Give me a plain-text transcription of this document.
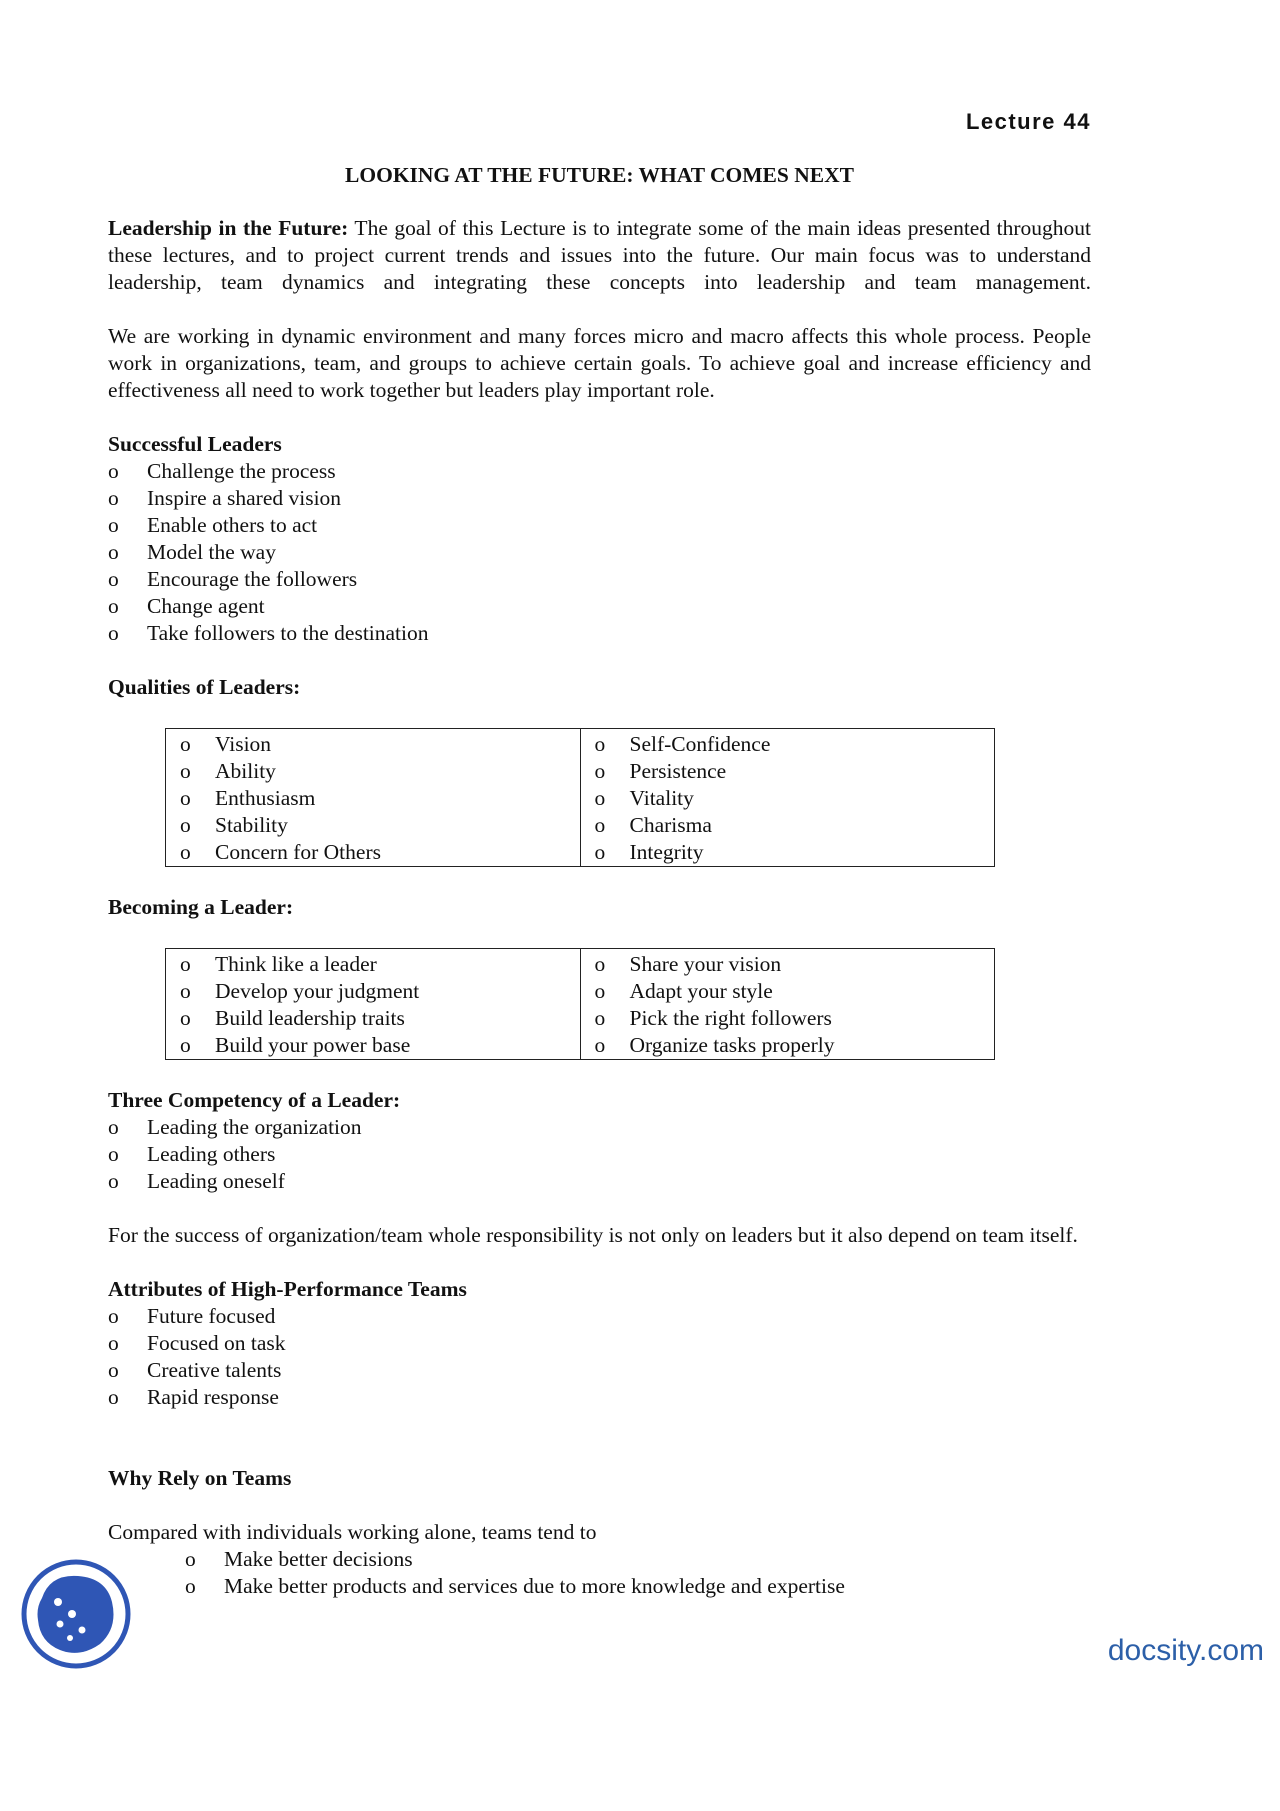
Lecture 44
LOOKING AT THE FUTURE: WHAT COMES NEXT

Leadership in the Future: The goal of this Lecture is to integrate some of the main ideas presented throughout these lectures, and to project current trends and issues into the future. Our main focus was to understand leadership, team dynamics and integrating these concepts into leadership and team management.

We are working in dynamic environment and many forces micro and macro affects this whole process. People work in organizations, team, and groups to achieve certain goals. To achieve goal and increase efficiency and effectiveness all need to work together but leaders play important role.

Successful Leaders
o	Challenge the process
o	Inspire a shared vision
o	Enable others to act
o	Model the way
o	Encourage the followers
o	Change agent
o	Take followers to the destination
Qualities of Leaders:
o	Vision
o	Ability
o	Enthusiasm
o	Stability
o	Concern for Others

o	Self-Confidence
o	Persistence
o	Vitality
o	Charisma
o	Integrity
Becoming a Leader:
o	Think like a leader
o	Develop your judgment
o	Build leadership traits
o	Build your power base

o	Share your vision
o	Adapt your style
o	Pick the right followers
o	Organize tasks properly
Three Competency of a Leader:
o	Leading the organization
o	Leading others
o	Leading oneself

For the success of organization/team whole responsibility is not only on leaders but it also depend on team itself.

Attributes of High-Performance Teams
o	Future focused
o	Focused on task
o	Creative talents
o	Rapid response
Why Rely on Teams
Compared with individuals working alone, teams tend to
o	Make better decisions
o	Make better products and services due to more knowledge and expertise
docsity.com
